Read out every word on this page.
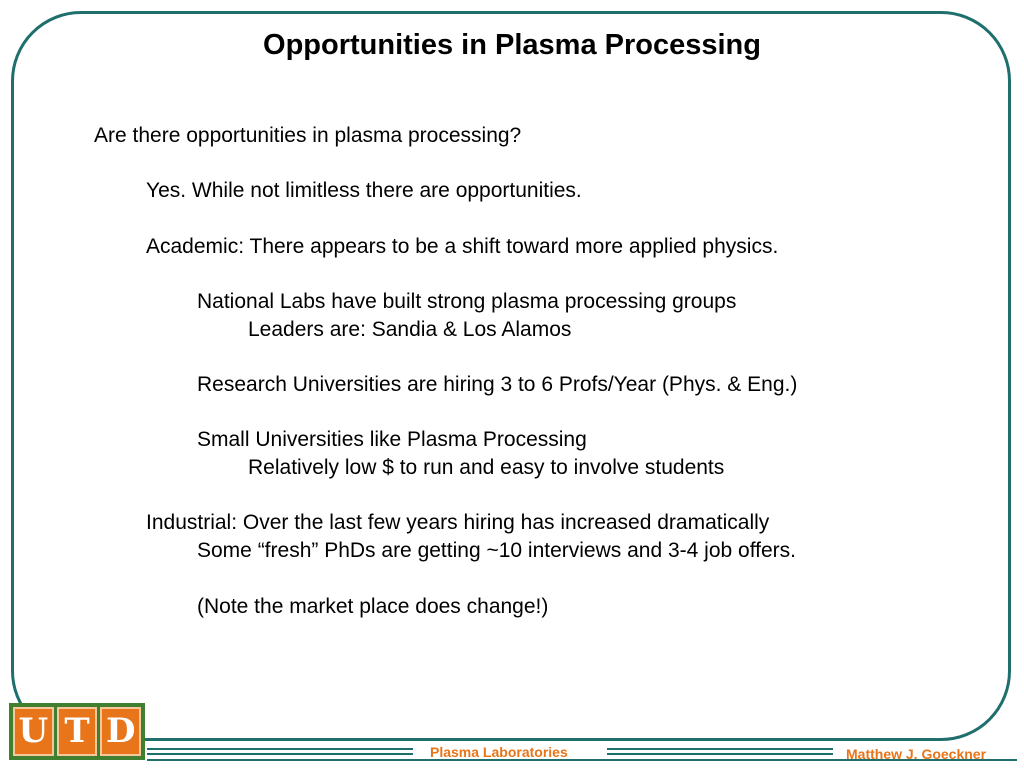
Opportunities in Plasma Processing
Are there opportunities in plasma processing?
Yes. While not limitless there are opportunities.
Academic: There appears to be a shift toward more applied physics.
National Labs have built strong plasma processing groups
Leaders are: Sandia & Los Alamos
Research Universities are hiring 3 to 6 Profs/Year (Phys. & Eng.)
Small Universities like Plasma Processing
Relatively low $ to run and easy to involve students
Industrial: Over the last few years hiring has increased dramatically
Some “fresh” PhDs are getting ~10 interviews and 3-4 job offers.
(Note the market place does change!)
U T D
Plasma Laboratories	Matthew J. Goeckner
